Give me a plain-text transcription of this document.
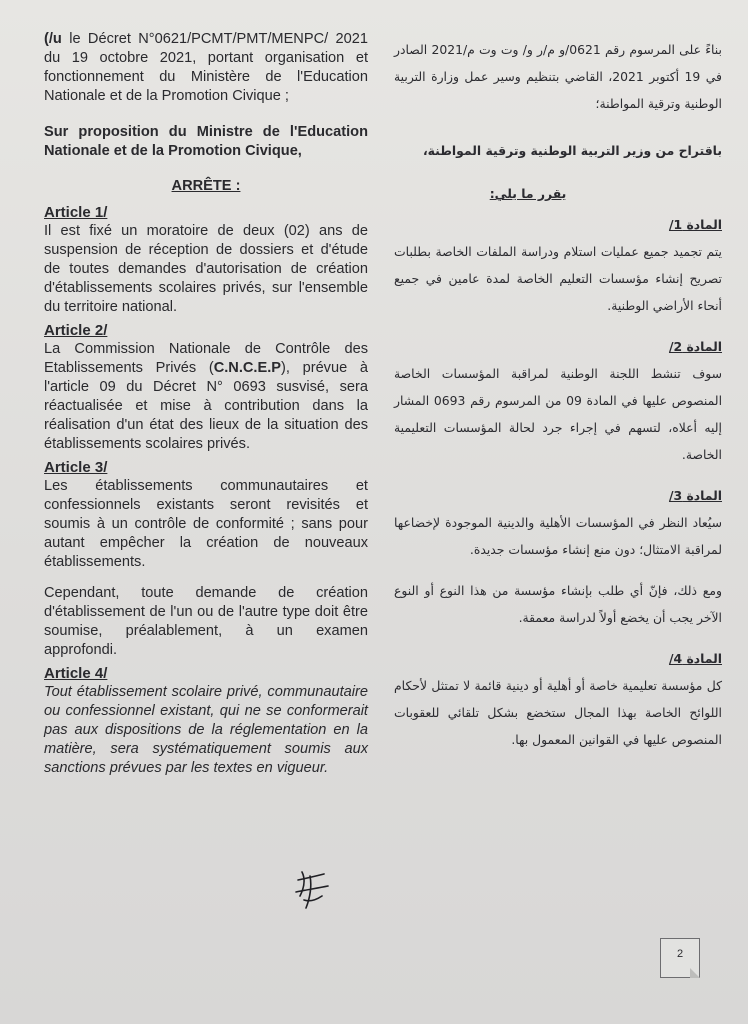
(/u le Décret N°0621/PCMT/PMT/MENPC/ 2021 du 19 octobre 2021, portant organisation et fonctionnement du Ministère de l'Education Nationale et de la Promotion Civique ;

Sur proposition du Ministre de l'Education Nationale et de la Promotion Civique,

ARRÊTE :

Article 1/

Il est fixé un moratoire de deux (02) ans de suspension de réception de dossiers et d'étude de toutes demandes d'autorisation de création d'établissements scolaires privés, sur l'ensemble du territoire national.

Article 2/

La Commission Nationale de Contrôle des Etablissements Privés (C.N.C.E.P), prévue à l'article 09 du Décret N° 0693 susvisé, sera réactualisée et mise à contribution dans la réalisation d'un état des lieux de la situation des établissements scolaires privés.

Article 3/

Les établissements communautaires et confessionnels existants seront revisités et soumis à un contrôle de conformité ; sans pour autant empêcher la création de nouveaux établissements.

Cependant, toute demande de création d'établissement de l'un ou de l'autre type doit être soumise, préalablement, à un examen approfondi.

Article 4/

Tout établissement scolaire privé, communautaire ou confessionnel existant, qui ne se conformerait pas aux dispositions de la réglementation en la matière, sera systématiquement soumis aux sanctions prévues par les textes en vigueur.

بناءً على المرسوم رقم 0621/و م/ر و/ وت وت م/2021 الصادر في 19 أكتوبر 2021، القاضي بتنظيم وسير عمل وزارة التربية الوطنية وترقية المواطنة؛

باقتراح من وزير التربية الوطنية وترقية المواطنة،

يقرر ما يلي:

المادة 1/

يتم تجميد جميع عمليات استلام ودراسة الملفات الخاصة بطلبات تصريح إنشاء مؤسسات التعليم الخاصة لمدة عامين في جميع أنحاء الأراضي الوطنية.

المادة 2/

سوف تنشط اللجنة الوطنية لمراقبة المؤسسات الخاصة المنصوص عليها في المادة 09 من المرسوم رقم 0693 المشار إليه أعلاه، لتسهم في إجراء جرد لحالة المؤسسات التعليمية الخاصة.

المادة 3/

سيُعاد النظر في المؤسسات الأهلية والدينية الموجودة لإخضاعها لمراقبة الامتثال؛ دون منع إنشاء مؤسسات جديدة.

ومع ذلك، فإنّ أي طلب بإنشاء مؤسسة من هذا النوع أو النوع الآخر يجب أن يخضع أولاً لدراسة معمقة.

المادة 4/

كل مؤسسة تعليمية خاصة أو أهلية أو دينية قائمة لا تمتثل لأحكام اللوائح الخاصة بهذا المجال ستخضع بشكل تلقائي للعقوبات المنصوص عليها في القوانين المعمول بها.

2
